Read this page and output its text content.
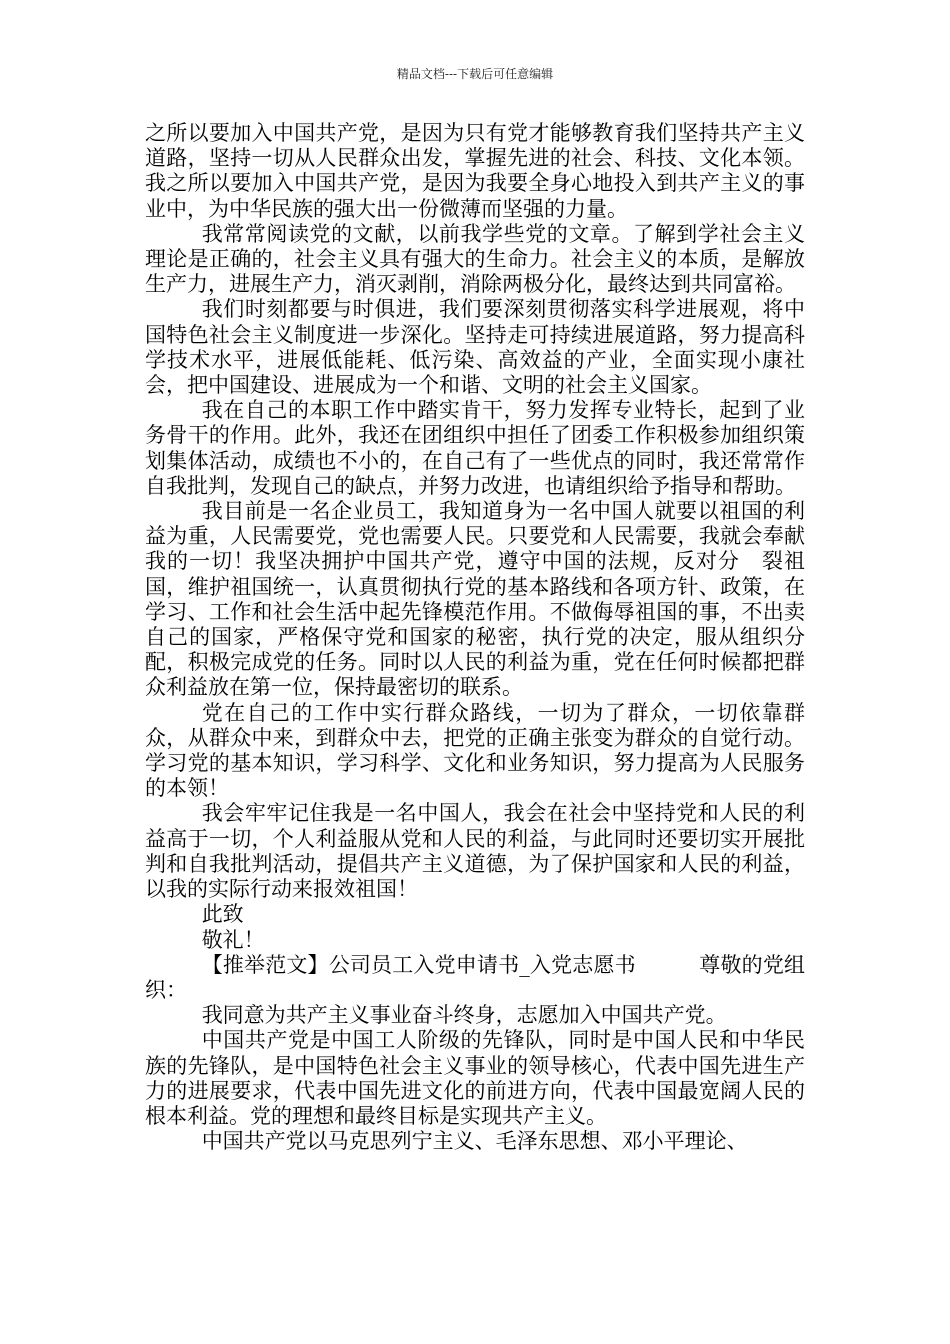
精品文档---下载后可任意编辑

之所以要加入中国共产党，是因为只有党才能够教育我们坚持共产主义道路，坚持一切从人民群众出发，掌握先进的社会、科技、文化本领。我之所以要加入中国共产党，是因为我要全身心地投入到共产主义的事业中，为中华民族的强大出一份微薄而坚强的力量。

我常常阅读党的文献，以前我学些党的文章。了解到学社会主义理论是正确的，社会主义具有强大的生命力。社会主义的本质，是解放生产力，进展生产力，消灭剥削，消除两极分化，最终达到共同富裕。

我们时刻都要与时俱进，我们要深刻贯彻落实科学进展观，将中国特色社会主义制度进一步深化。坚持走可持续进展道路，努力提高科学技术水平，进展低能耗、低污染、高效益的产业，全面实现小康社会，把中国建设、进展成为一个和谐、文明的社会主义国家。

我在自己的本职工作中踏实肯干，努力发挥专业特长，起到了业务骨干的作用。此外，我还在团组织中担任了团委工作积极参加组织策划集体活动，成绩也不小的，在自己有了一些优点的同时，我还常常作自我批判，发现自己的缺点，并努力改进，也请组织给予指导和帮助。

我目前是一名企业员工，我知道身为一名中国人就要以祖国的利益为重，人民需要党，党也需要人民。只要党和人民需要，我就会奉献我的一切！我坚决拥护中国共产党，遵守中国的法规，反对分　裂祖国，维护祖国统一，认真贯彻执行党的基本路线和各项方针、政策，在学习、工作和社会生活中起先锋模范作用。不做侮辱祖国的事，不出卖自己的国家，严格保守党和国家的秘密，执行党的决定，服从组织分配，积极完成党的任务。同时以人民的利益为重，党在任何时候都把群众利益放在第一位，保持最密切的联系。

党在自己的工作中实行群众路线，一切为了群众，一切依靠群众，从群众中来，到群众中去，把党的正确主张变为群众的自觉行动。学习党的基本知识，学习科学、文化和业务知识，努力提高为人民服务的本领！

我会牢牢记住我是一名中国人，我会在社会中坚持党和人民的利益高于一切，个人利益服从党和人民的利益，与此同时还要切实开展批判和自我批判活动，提倡共产主义道德，为了保护国家和人民的利益，以我的实际行动来报效祖国！

此致

敬礼！

【推举范文】公司员工入党申请书_入党志愿书　　　尊敬的党组织：

我同意为共产主义事业奋斗终身，志愿加入中国共产党。

中国共产党是中国工人阶级的先锋队，同时是中国人民和中华民族的先锋队，是中国特色社会主义事业的领导核心，代表中国先进生产力的进展要求，代表中国先进文化的前进方向，代表中国最宽阔人民的根本利益。党的理想和最终目标是实现共产主义。

中国共产党以马克思列宁主义、毛泽东思想、邓小平理论、
